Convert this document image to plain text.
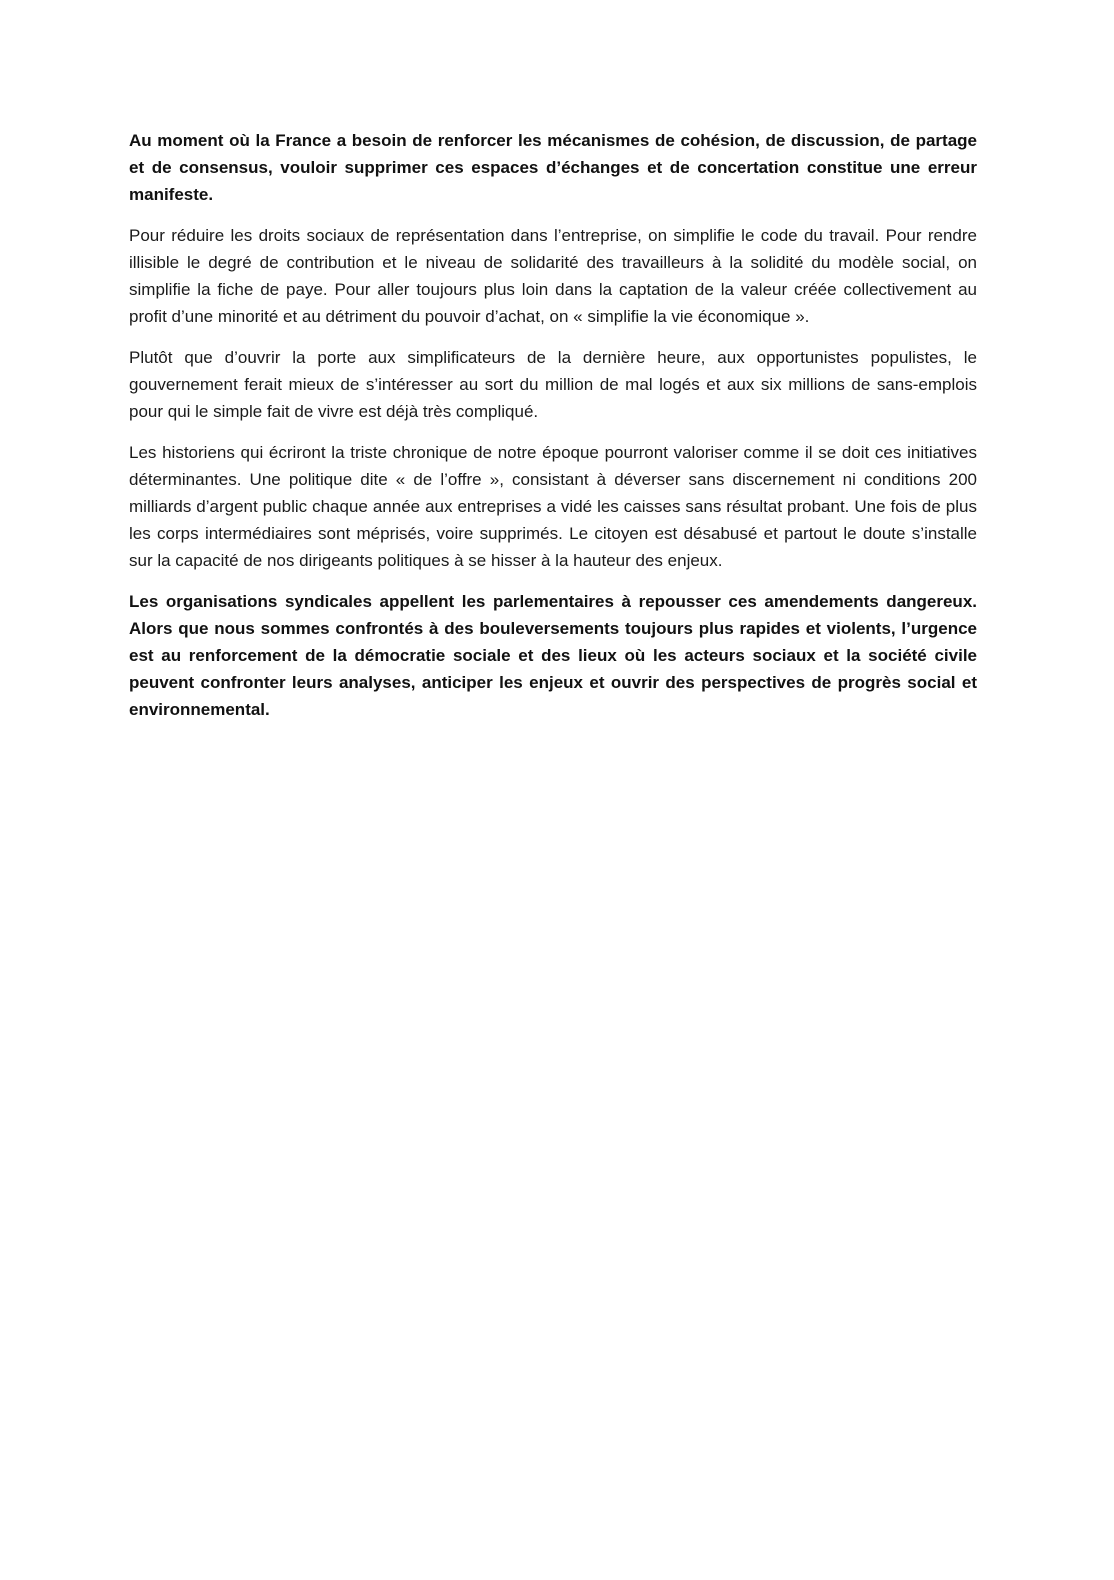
Au moment où la France a besoin de renforcer les mécanismes de cohésion, de discussion, de partage et de consensus, vouloir supprimer ces espaces d’échanges et de concertation constitue une erreur manifeste.

Pour réduire les droits sociaux de représentation dans l’entreprise, on simplifie le code du travail. Pour rendre illisible le degré de contribution et le niveau de solidarité des travailleurs à la solidité du modèle social, on simplifie la fiche de paye. Pour aller toujours plus loin dans la captation de la valeur créée collectivement au profit d’une minorité et au détriment du pouvoir d’achat, on « simplifie la vie économique ».

Plutôt que d’ouvrir la porte aux simplificateurs de la dernière heure, aux opportunistes populistes, le gouvernement ferait mieux de s’intéresser au sort du million de mal logés et aux six millions de sans-emplois pour qui le simple fait de vivre est déjà très compliqué.

Les historiens qui écriront la triste chronique de notre époque pourront valoriser comme il se doit ces initiatives déterminantes. Une politique dite « de l’offre », consistant à déverser sans discernement ni conditions 200 milliards d’argent public chaque année aux entreprises a vidé les caisses sans résultat probant. Une fois de plus les corps intermédiaires sont méprisés, voire supprimés. Le citoyen est désabusé et partout le doute s’installe sur la capacité de nos dirigeants politiques à se hisser à la hauteur des enjeux.

Les organisations syndicales appellent les parlementaires à repousser ces amendements dangereux. Alors que nous sommes confrontés à des bouleversements toujours plus rapides et violents, l’urgence est au renforcement de la démocratie sociale et des lieux où les acteurs sociaux et la société civile peuvent confronter leurs analyses, anticiper les enjeux et ouvrir des perspectives de progrès social et environnemental.
